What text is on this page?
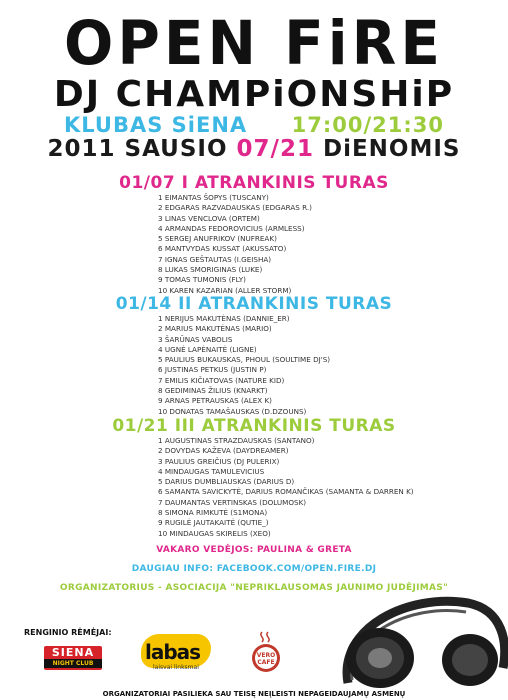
OPEN FiRE
DJ CHAMPiONSHiP
KLUBAS SiENA 17:00/21:30
2011 SAUSIO 07/21 DiENOMIS
01/07 I ATRANKINIS TURAS
1 EIMANTAS ŠOPYS (TUSCANY)
2 EDGARAS RAZVADAUSKAS (EDGARAS R.)
3 LINAS VENCLOVA (ORTEM)
4 ARMANDAS FEDOROVICIUS (ARMLESS)
5 SERGEJ ANUFRIKOV (NUFREAK)
6 MANTVYDAS KUSSAT (AKUSSATO)
7 IGNAS GEŠTAUTAS (I.GEISHA)
8 LUKAS SMORIGINAS (LUKE)
9 TOMAS TUMONIS (FLY)
10 KAREN KAZARIAN (ALLER STORM)
01/14 II ATRANKINIS TURAS
1 NERIJUS MAKUTĖNAS (DANNIE_ER)
2 MARIUS MAKUTĖNAS (MARIO)
3 ŠARŪNAS VABOLIS
4 UGNĖ LAPĖNAITĖ (LIGNE)
5 PAULIUS BUKAUSKAS, PHOUL (SOULTIME DJ'S)
6 JUSTINAS PETKUS (JUSTIN P)
7 EMILIS KIČIATOVAS (NATURE KID)
8 GEDIMINAS ŽILIUS (KNARKT)
9 ARNAS PETRAUSKAS (ALEX K)
10 DONATAS TAMAŠAUSKAS (D.DZOUNS)
01/21 III ATRANKINIS TURAS
1 AUGUSTINAS STRAZDAUSKAS (SANTANO)
2 DOVYDAS KAŽEVA (DAYDREAMER)
3 PAULIUS GREIČIUS (DJ PULERIX)
4 MINDAUGAS TAMULEVICIUS
5 DARIUS DUMBLIAUSKAS (DARIUS D)
6 SAMANTA SAVICKYTĖ, DARIUS ROMANČIKAS (SAMANTA & DARREN K)
7 DAUMANTAS VERTINSKAS (DOLUMOSK)
8 SIMONA RIMKUTĖ (S1MONA)
9 RUGILĖ JAUTAKAITĖ (QUTIE_)
10 MINDAUGAS SKIRELIS (XEO)
VAKARO VEDĖJOS: PAULINA & GRETA
DAUGIAU INFO: FACEBOOK.COM/OPEN.FIRE.DJ
ORGANIZATORIUS - ASOCIACIJA "NEPRIKLAUSOMAS JAUNIMO JUDĖJIMAS"
RENGINIO RĖMĖJAI:
SIENA
NIGHT CLUB	labas
laisvai linksmai
VERO
CAFE
ORGANIZATORIAI PASILIEKA SAU TEISĘ NEĮLEISTI NEPAGEIDAUJAMŲ ASMENŲ
